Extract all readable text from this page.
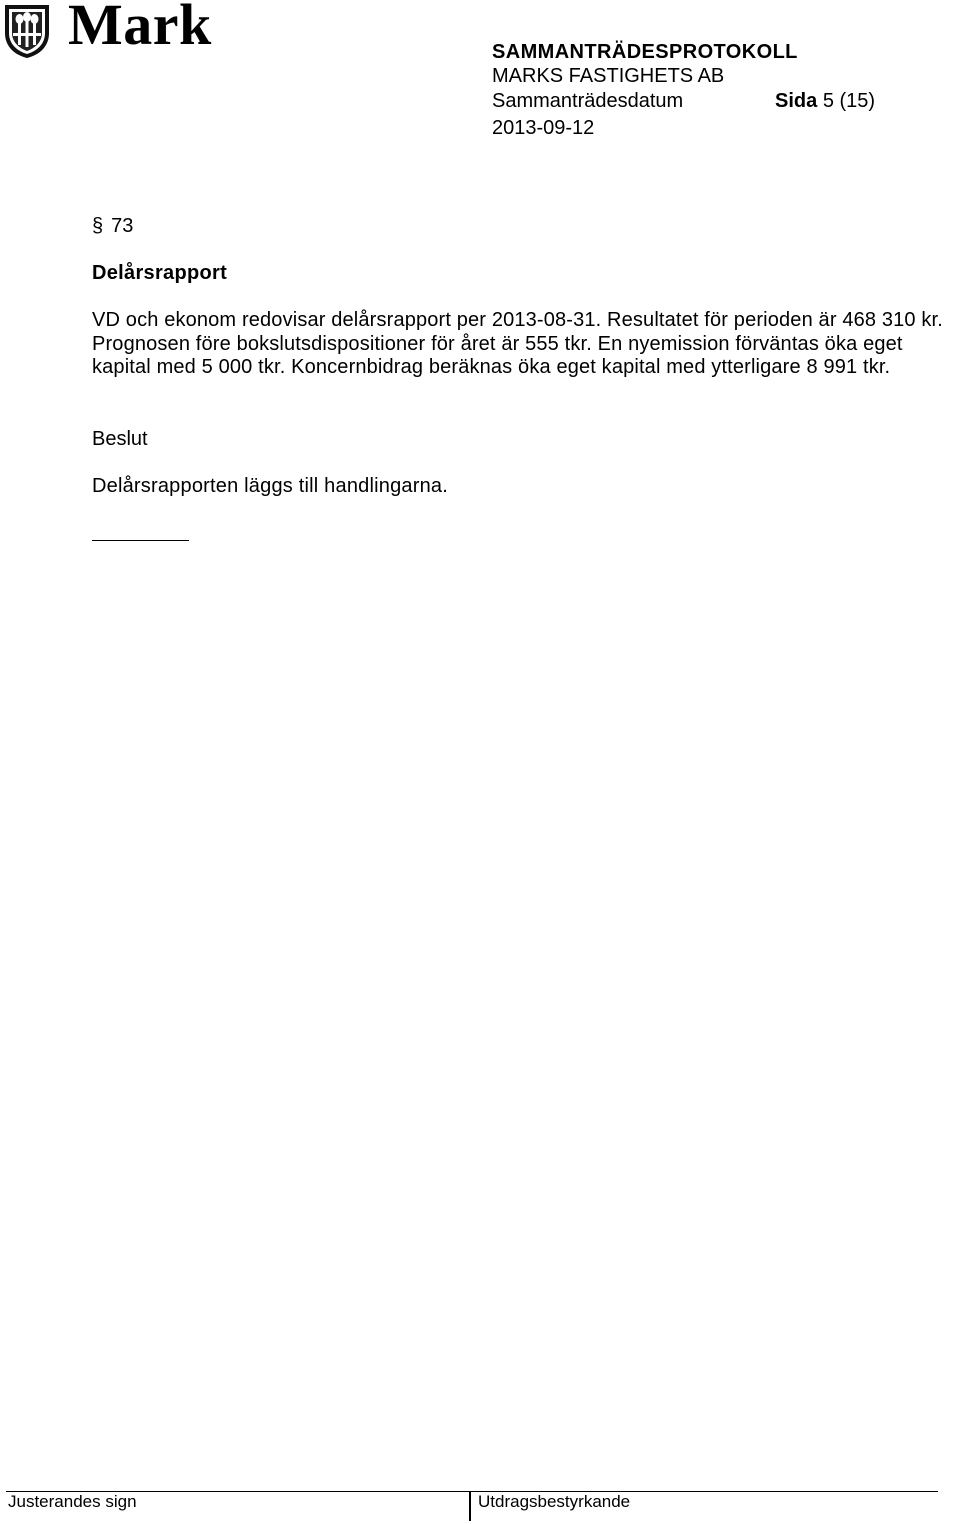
Mark	SAMMANTRÄDESPROTOKOLL
MARKS FASTIGHETS AB
Sammanträdesdatum	Sida 5 (15)
2013-09-12
§ 73
Delårsrapport
VD och ekonom redovisar delårsrapport per 2013-08-31. Resultatet för perioden är 468 310 kr. Prognosen före bokslutsdispositioner för året är 555 tkr. En nyemission förväntas öka eget kapital med 5 000 tkr. Koncernbidrag beräknas öka eget kapital med ytterligare 8 991 tkr.
Beslut
Delårsrapporten läggs till handlingarna.
Justerandes sign	Utdragsbestyrkande
